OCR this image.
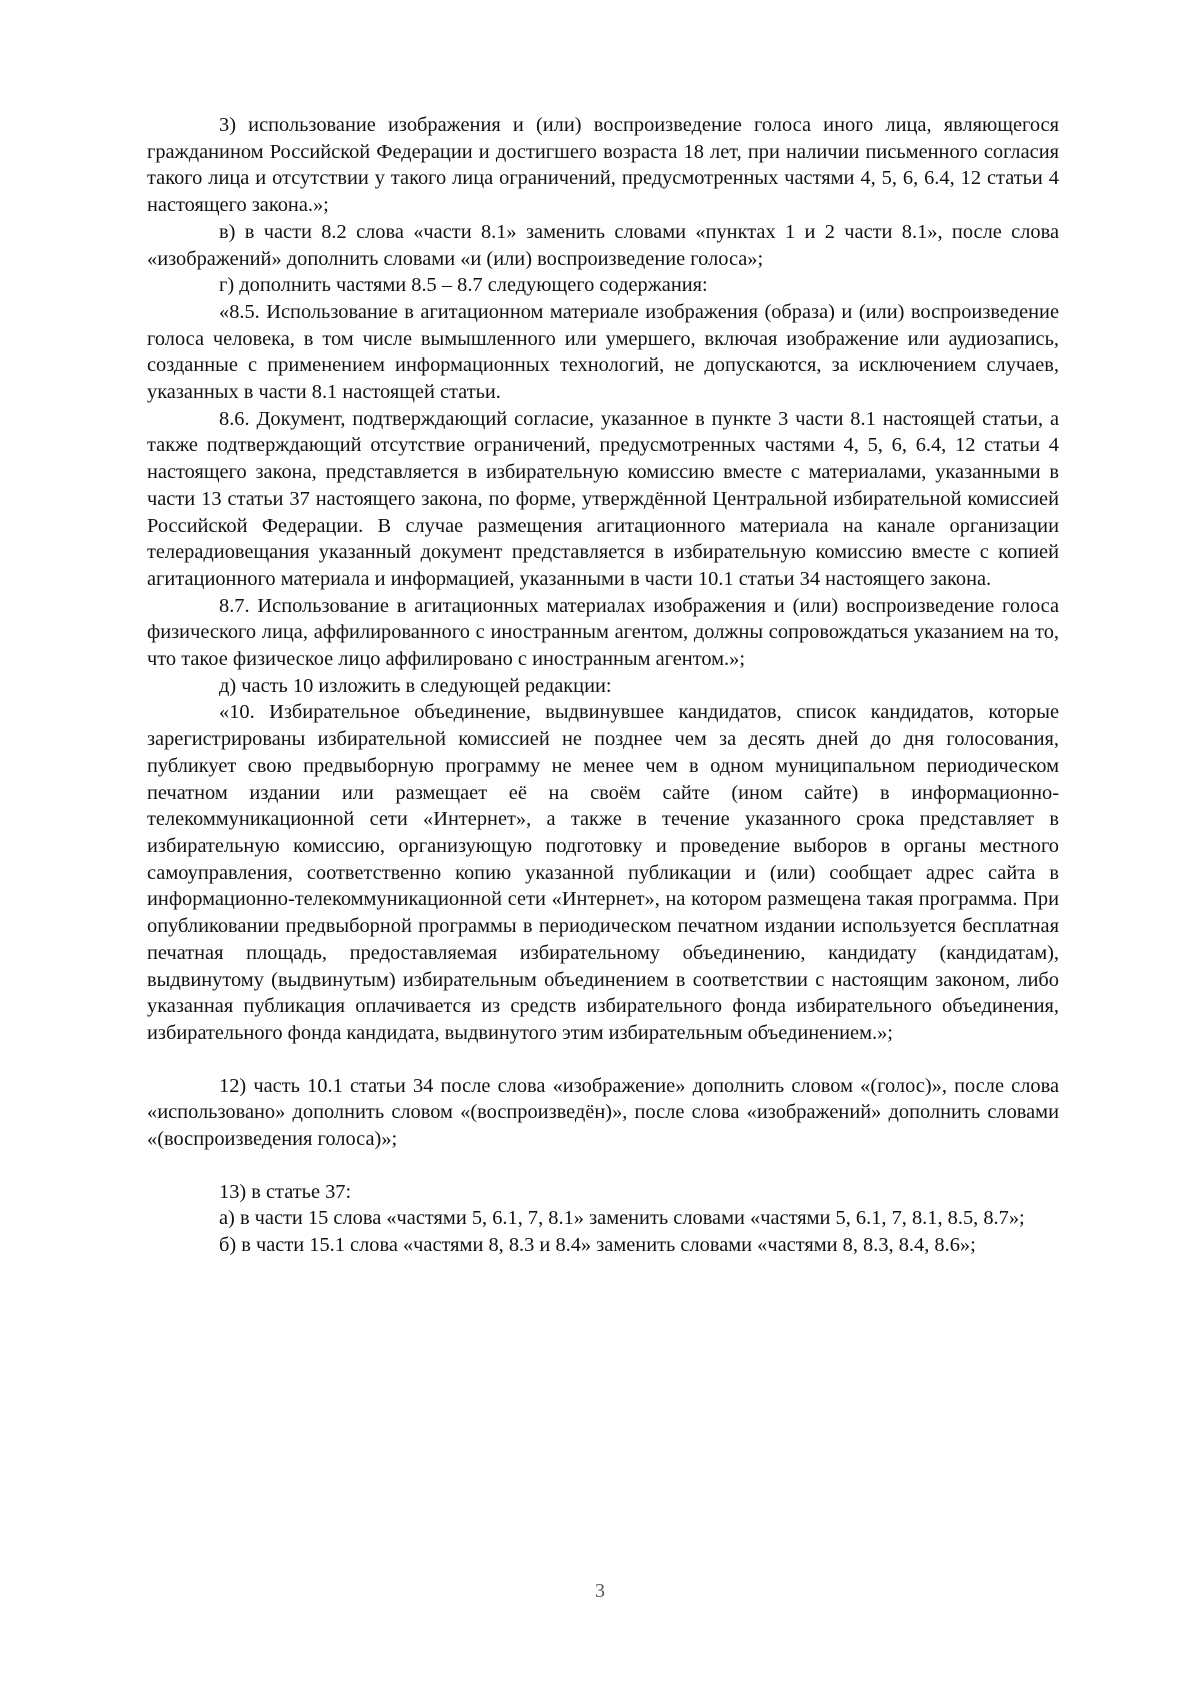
3) использование изображения и (или) воспроизведение голоса иного лица, являющегося гражданином Российской Федерации и достигшего возраста 18 лет, при наличии письменного согласия такого лица и отсутствии у такого лица ограничений, предусмотренных частями 4, 5, 6, 6.4, 12 статьи 4 настоящего закона.»;

в) в части 8.2 слова «части 8.1» заменить словами «пунктах 1 и 2 части 8.1», после слова «изображений» дополнить словами «и (или) воспроизведение голоса»;

г) дополнить частями 8.5 – 8.7 следующего содержания:

«8.5. Использование в агитационном материале изображения (образа) и (или) воспроизведение голоса человека, в том числе вымышленного или умершего, включая изображение или аудиозапись, созданные с применением информационных технологий, не допускаются, за исключением случаев, указанных в части 8.1 настоящей статьи.

8.6. Документ, подтверждающий согласие, указанное в пункте 3 части 8.1 настоящей статьи, а также подтверждающий отсутствие ограничений, предусмотренных частями 4, 5, 6, 6.4, 12 статьи 4 настоящего закона, представляется в избирательную комиссию вместе с материалами, указанными в части 13 статьи 37 настоящего закона, по форме, утверждённой Центральной избирательной комиссией Российской Федерации. В случае размещения агитационного материала на канале организации телерадиовещания указанный документ представляется в избирательную комиссию вместе с копией агитационного материала и информацией, указанными в части 10.1 статьи 34 настоящего закона.

8.7. Использование в агитационных материалах изображения и (или) воспроизведение голоса физического лица, аффилированного с иностранным агентом, должны сопровождаться указанием на то, что такое физическое лицо аффилировано с иностранным агентом.»;

д) часть 10 изложить в следующей редакции:

«10. Избирательное объединение, выдвинувшее кандидатов, список кандидатов, которые зарегистрированы избирательной комиссией не позднее чем за десять дней до дня голосования, публикует свою предвыборную программу не менее чем в одном муниципальном периодическом печатном издании или размещает её на своём сайте (ином сайте) в информационно-телекоммуникационной сети «Интернет», а также в течение указанного срока представляет в избирательную комиссию, организующую подготовку и проведение выборов в органы местного самоуправления, соответственно копию указанной публикации и (или) сообщает адрес сайта в информационно-телекоммуникационной сети «Интернет», на котором размещена такая программа. При опубликовании предвыборной программы в периодическом печатном издании используется бесплатная печатная площадь, предоставляемая избирательному объединению, кандидату (кандидатам), выдвинутому (выдвинутым) избирательным объединением в соответствии с настоящим законом, либо указанная публикация оплачивается из средств избирательного фонда избирательного объединения, избирательного фонда кандидата, выдвинутого этим избирательным объединением.»;

12) часть 10.1 статьи 34 после слова «изображение» дополнить словом «(голос)», после слова «использовано» дополнить словом «(воспроизведён)», после слова «изображений» дополнить словами «(воспроизведения голоса)»;

13) в статье 37:

а) в части 15 слова «частями 5, 6.1, 7, 8.1» заменить словами «частями 5, 6.1, 7, 8.1, 8.5, 8.7»;

б) в части 15.1 слова «частями 8, 8.3 и 8.4» заменить словами «частями 8, 8.3, 8.4, 8.6»;

3
